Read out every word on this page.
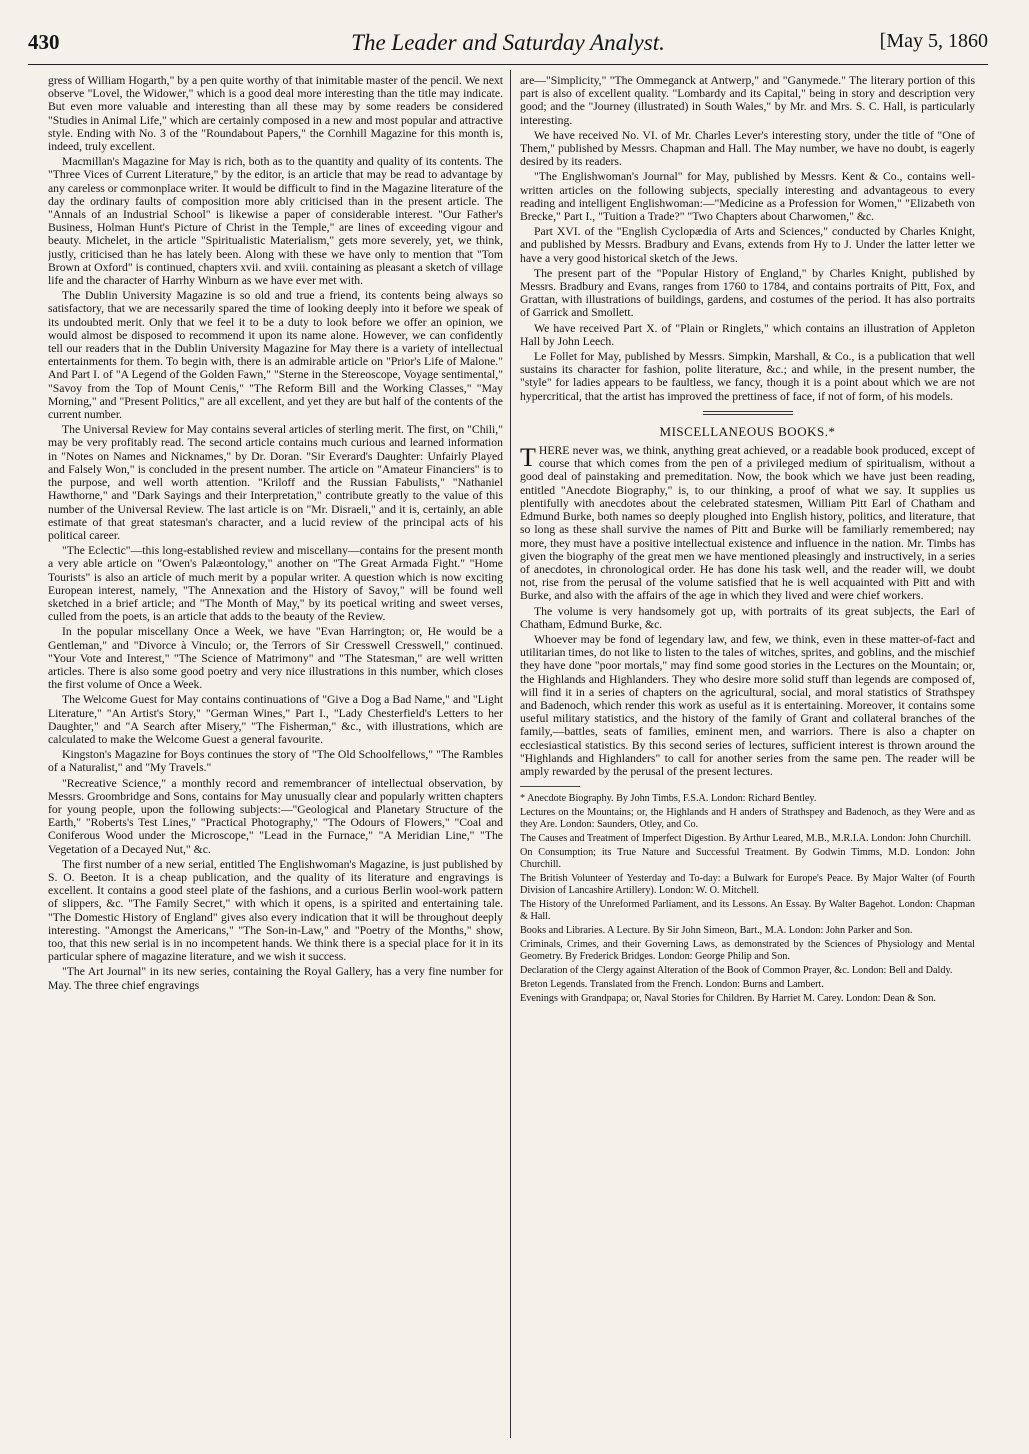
430	The Leader and Saturday Analyst.	[May 5, 1860

gress of William Hogarth," by a pen quite worthy of that inimitable master of the pencil. We next observe "Lovel, the Widower," which is a good deal more interesting than the title may indicate. But even more valuable and interesting than all these may by some readers be considered "Studies in Animal Life," which are certainly composed in a new and most popular and attractive style. Ending with No. 3 of the "Roundabout Papers," the Cornhill Magazine for this month is, indeed, truly excellent.

Macmillan's Magazine for May is rich, both as to the quantity and quality of its contents. The "Three Vices of Current Literature," by the editor, is an article that may be read to advantage by any careless or commonplace writer. It would be difficult to find in the Magazine literature of the day the ordinary faults of composition more ably criticised than in the present article. The "Annals of an Industrial School" is likewise a paper of considerable interest. "Our Father's Business, Holman Hunt's Picture of Christ in the Temple," are lines of exceeding vigour and beauty. Michelet, in the article "Spiritualistic Materialism," gets more severely, yet, we think, justly, criticised than he has lately been. Along with these we have only to mention that "Tom Brown at Oxford" is continued, chapters xvii. and xviii. containing as pleasant a sketch of village life and the character of Harrhy Winburn as we have ever met with.

The Dublin University Magazine is so old and true a friend, its contents being always so satisfactory, that we are necessarily spared the time of looking deeply into it before we speak of its undoubted merit. Only that we feel it to be a duty to look before we offer an opinion, we would almost be disposed to recommend it upon its name alone. However, we can confidently tell our readers that in the Dublin University Magazine for May there is a variety of intellectual entertainments for them. To begin with, there is an admirable article on "Prior's Life of Malone." And Part I. of "A Legend of the Golden Fawn," "Sterne in the Stereoscope, Voyage sentimental," "Savoy from the Top of Mount Cenis," "The Reform Bill and the Working Classes," "May Morning," and "Present Politics," are all excellent, and yet they are but half of the contents of the current number.

The Universal Review for May contains several articles of sterling merit. The first, on "Chili," may be very profitably read. The second article contains much curious and learned information in "Notes on Names and Nicknames," by Dr. Doran. "Sir Everard's Daughter: Unfairly Played and Falsely Won," is concluded in the present number. The article on "Amateur Financiers" is to the purpose, and well worth attention. "Kriloff and the Russian Fabulists," "Nathaniel Hawthorne," and "Dark Sayings and their Interpretation," contribute greatly to the value of this number of the Universal Review. The last article is on "Mr. Disraeli," and it is, certainly, an able estimate of that great statesman's character, and a lucid review of the principal acts of his political career.

"The Eclectic"—this long-established review and miscellany—contains for the present month a very able article on "Owen's Palæontology," another on "The Great Armada Fight." "Home Tourists" is also an article of much merit by a popular writer. A question which is now exciting European interest, namely, "The Annexation and the History of Savoy," will be found well sketched in a brief article; and "The Month of May," by its poetical writing and sweet verses, culled from the poets, is an article that adds to the beauty of the Review.

In the popular miscellany Once a Week, we have "Evan Harrington; or, He would be a Gentleman," and "Divorce à Vinculo; or, the Terrors of Sir Cresswell Cresswell," continued. "Your Vote and Interest," "The Science of Matrimony" and "The Statesman," are well written articles. There is also some good poetry and very nice illustrations in this number, which closes the first volume of Once a Week.

The Welcome Guest for May contains continuations of "Give a Dog a Bad Name," and "Light Literature," "An Artist's Story," "German Wines," Part I., "Lady Chesterfield's Letters to her Daughter," and "A Search after Misery," "The Fisherman," &c., with illustrations, which are calculated to make the Welcome Guest a general favourite.

Kingston's Magazine for Boys continues the story of "The Old Schoolfellows," "The Rambles of a Naturalist," and "My Travels."

"Recreative Science," a monthly record and remembrancer of intellectual observation, by Messrs. Groombridge and Sons, contains for May unusually clear and popularly written chapters for young people, upon the following subjects:—"Geological and Planetary Structure of the Earth," "Roberts's Test Lines," "Practical Photography," "The Odours of Flowers," "Coal and Coniferous Wood under the Microscope," "Lead in the Furnace," "A Meridian Line," "The Vegetation of a Decayed Nut," &c.

The first number of a new serial, entitled The Englishwoman's Magazine, is just published by S. O. Beeton. It is a cheap publication, and the quality of its literature and engravings is excellent. It contains a good steel plate of the fashions, and a curious Berlin wool-work pattern of slippers, &c. "The Family Secret," with which it opens, is a spirited and entertaining tale. "The Domestic History of England" gives also every indication that it will be throughout deeply interesting. "Amongst the Americans," "The Son-in-Law," and "Poetry of the Months," show, too, that this new serial is in no incompetent hands. We think there is a special place for it in its particular sphere of magazine literature, and we wish it success.

"The Art Journal" in its new series, containing the Royal Gallery, has a very fine number for May. The three chief engravings

are—"Simplicity," "The Ommeganck at Antwerp," and "Ganymede." The literary portion of this part is also of excellent quality. "Lombardy and its Capital," being in story and description very good; and the "Journey (illustrated) in South Wales," by Mr. and Mrs. S. C. Hall, is particularly interesting.

We have received No. VI. of Mr. Charles Lever's interesting story, under the title of "One of Them," published by Messrs. Chapman and Hall. The May number, we have no doubt, is eagerly desired by its readers.

"The Englishwoman's Journal" for May, published by Messrs. Kent & Co., contains well-written articles on the following subjects, specially interesting and advantageous to every reading and intelligent Englishwoman:—"Medicine as a Profession for Women," "Elizabeth von Brecke," Part I., "Tuition a Trade?" "Two Chapters about Charwomen," &c.

Part XVI. of the "English Cyclopædia of Arts and Sciences," conducted by Charles Knight, and published by Messrs. Bradbury and Evans, extends from Hy to J. Under the latter letter we have a very good historical sketch of the Jews.

The present part of the "Popular History of England," by Charles Knight, published by Messrs. Bradbury and Evans, ranges from 1760 to 1784, and contains portraits of Pitt, Fox, and Grattan, with illustrations of buildings, gardens, and costumes of the period. It has also portraits of Garrick and Smollett.

We have received Part X. of "Plain or Ringlets," which contains an illustration of Appleton Hall by John Leech.

Le Follet for May, published by Messrs. Simpkin, Marshall, & Co., is a publication that well sustains its character for fashion, polite literature, &c.; and while, in the present number, the "style" for ladies appears to be faultless, we fancy, though it is a point about which we are not hypercritical, that the artist has improved the prettiness of face, if not of form, of his models.

MISCELLANEOUS BOOKS.*

THERE never was, we think, anything great achieved, or a readable book produced, except of course that which comes from the pen of a privileged medium of spiritualism, without a good deal of painstaking and premeditation. Now, the book which we have just been reading, entitled "Anecdote Biography," is, to our thinking, a proof of what we say. It supplies us plentifully with anecdotes about the celebrated statesmen, William Pitt Earl of Chatham and Edmund Burke, both names so deeply ploughed into English history, politics, and literature, that so long as these shall survive the names of Pitt and Burke will be familiarly remembered; nay more, they must have a positive intellectual existence and influence in the nation. Mr. Timbs has given the biography of the great men we have mentioned pleasingly and instructively, in a series of anecdotes, in chronological order. He has done his task well, and the reader will, we doubt not, rise from the perusal of the volume satisfied that he is well acquainted with Pitt and with Burke, and also with the affairs of the age in which they lived and were chief workers.

The volume is very handsomely got up, with portraits of its great subjects, the Earl of Chatham, Edmund Burke, &c.

Whoever may be fond of legendary law, and few, we think, even in these matter-of-fact and utilitarian times, do not like to listen to the tales of witches, sprites, and goblins, and the mischief they have done "poor mortals," may find some good stories in the Lectures on the Mountain; or, the Highlands and Highlanders. They who desire more solid stuff than legends are composed of, will find it in a series of chapters on the agricultural, social, and moral statistics of Strathspey and Badenoch, which render this work as useful as it is entertaining. Moreover, it contains some useful military statistics, and the history of the family of Grant and collateral branches of the family,—battles, seats of families, eminent men, and warriors. There is also a chapter on ecclesiastical statistics. By this second series of lectures, sufficient interest is thrown around the "Highlands and Highlanders" to call for another series from the same pen. The reader will be amply rewarded by the perusal of the present lectures.

* Anecdote Biography. By John Timbs, F.S.A. London: Richard Bentley.

Lectures on the Mountains; or, the Highlands and H anders of Strathspey and Badenoch, as they Were and as they Are. London: Saunders, Otley, and Co.

The Causes and Treatment of Imperfect Digestion. By Arthur Leared, M.B., M.R.I.A. London: John Churchill.

On Consumption; its True Nature and Successful Treatment. By Godwin Timms, M.D. London: John Churchill.

The British Volunteer of Yesterday and To-day: a Bulwark for Europe's Peace. By Major Walter (of Fourth Division of Lancashire Artillery). London: W. O. Mitchell.

The History of the Unreformed Parliament, and its Lessons. An Essay. By Walter Bagehot. London: Chapman & Hall.

Books and Libraries. A Lecture. By Sir John Simeon, Bart., M.A. London: John Parker and Son.

Criminals, Crimes, and their Governing Laws, as demonstrated by the Sciences of Physiology and Mental Geometry. By Frederick Bridges. London: George Philip and Son.

Declaration of the Clergy against Alteration of the Book of Common Prayer, &c. London: Bell and Daldy.

Breton Legends. Translated from the French. London: Burns and Lambert.

Evenings with Grandpapa; or, Naval Stories for Children. By Harriet M. Carey. London: Dean & Son.
